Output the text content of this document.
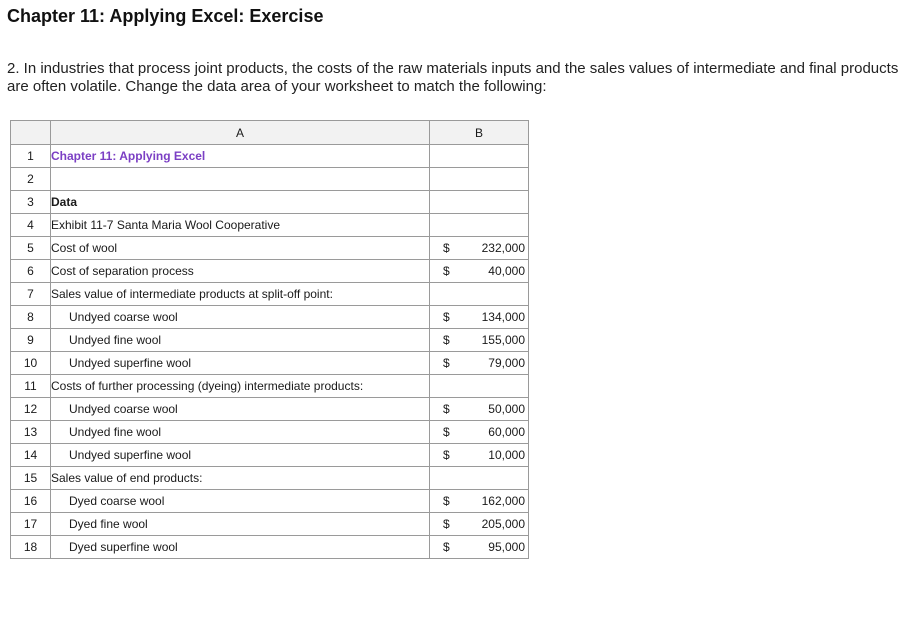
Chapter 11: Applying Excel: Exercise

2. In industries that process joint products, the costs of the raw materials inputs and the sales values of intermediate and final products are often volatile. Change the data area of your worksheet to match the following:

	A	B
1	Chapter 11: Applying Excel	

2		

3	Data	

4	Exhibit 11-7 Santa Maria Wool Cooperative	

5	Cost of wool	$ 232,000

6	Cost of separation process	$ 40,000

7	Sales value of intermediate products at split-off point:	

8	Undyed coarse wool	$ 134,000

9	Undyed fine wool	$ 155,000

10	Undyed superfine wool	$ 79,000

11	Costs of further processing (dyeing) intermediate products:	

12	Undyed coarse wool	$ 50,000

13	Undyed fine wool	$ 60,000

14	Undyed superfine wool	$ 10,000

15	Sales value of end products:	

16	Dyed coarse wool	$ 162,000

17	Dyed fine wool	$ 205,000

18	Dyed superfine wool	$ 95,000
